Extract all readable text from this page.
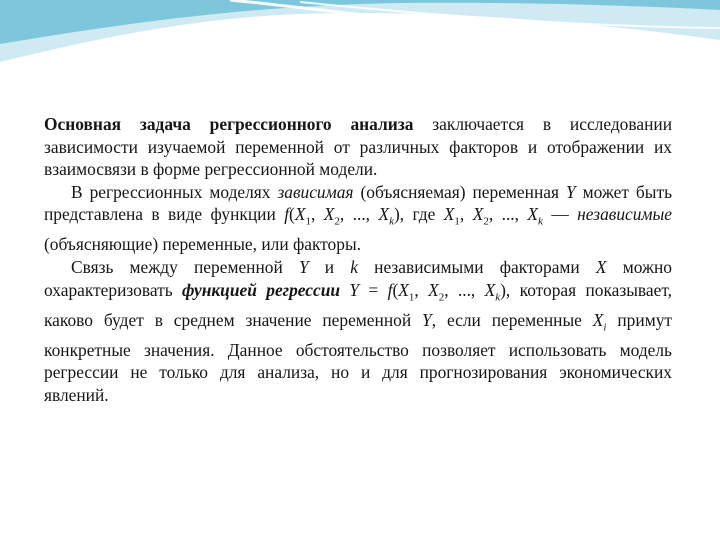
Основная задача регрессионного анализа заключается в исследовании зависимости изучаемой переменной от различных факторов и отображении их взаимосвязи в форме регрессионной модели.

В регрессионных моделях зависимая (объясняемая) переменная Y может быть представлена в виде функции $f(X_1$, $X_2$, ..., $X_k$), где $X_1$, $X_2$, ..., $X_k$ — независимые (объясняющие) переменные, или факторы.

Связь между переменной Y и k независимыми факторами X можно охарактеризовать функцией регрессии $Y = f(X_1$, $X_2$, ..., $X_k$), которая показывает, каково будет в среднем значение переменной Y, если переменные $X_i$ примут конкретные значения. Данное обстоятельство позволяет использовать модель регрессии не только для анализа, но и для прогнозирования экономических явлений.
